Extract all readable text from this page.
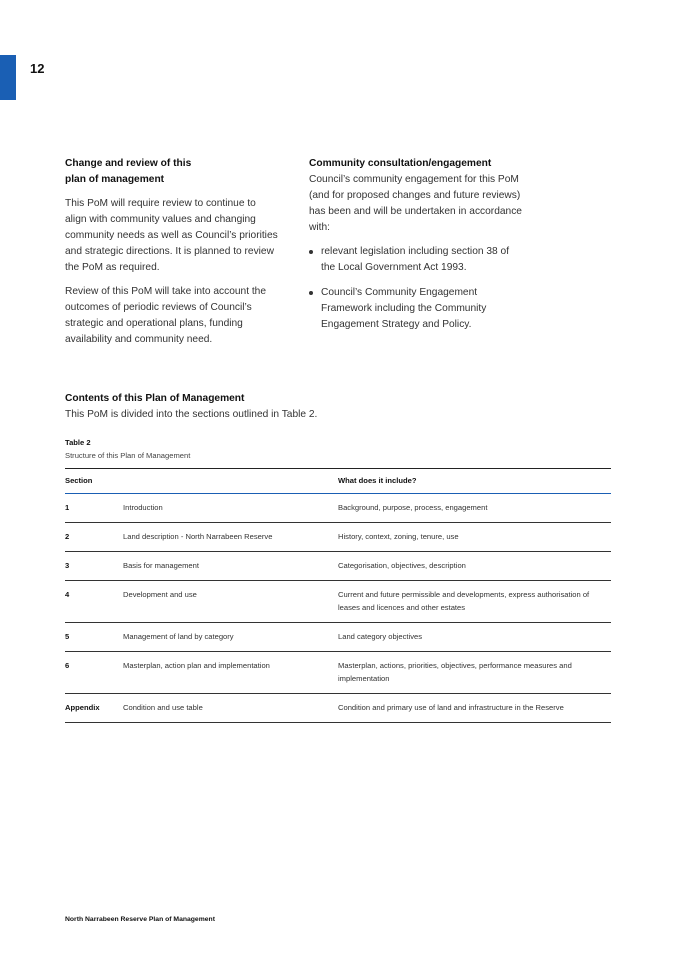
12

Change and review of this
plan of management

This PoM will require review to continue to align with community values and changing community needs as well as Council’s priorities and strategic directions. It is planned to review the PoM as required.

Review of this PoM will take into account the outcomes of periodic reviews of Council’s strategic and operational plans, funding availability and community need.

Community consultation/engagement

Council’s community engagement for this PoM (and for proposed changes and future reviews) has been and will be undertaken in accordance with:

relevant legislation including section 38 of the Local Government Act 1993.
Council’s Community Engagement Framework including the Community Engagement Strategy and Policy.

Contents of this Plan of Management

This PoM is divided into the sections outlined in Table 2.

Table 2
Structure of this Plan of Management
Section		What does it include?
1	Introduction	Background, purpose, process, engagement
2	Land description - North Narrabeen Reserve	History, context, zoning, tenure, use
3	Basis for management	Categorisation, objectives, description
4	Development and use	Current and future permissible and developments, express authorisation of leases and licences and other estates
5	Management of land by category	Land category objectives
6	Masterplan, action plan and implementation	Masterplan, actions, priorities, objectives, performance measures and implementation
Appendix	Condition and use table	Condition and primary use of land and infrastructure in the Reserve
North Narrabeen Reserve Plan of Management
